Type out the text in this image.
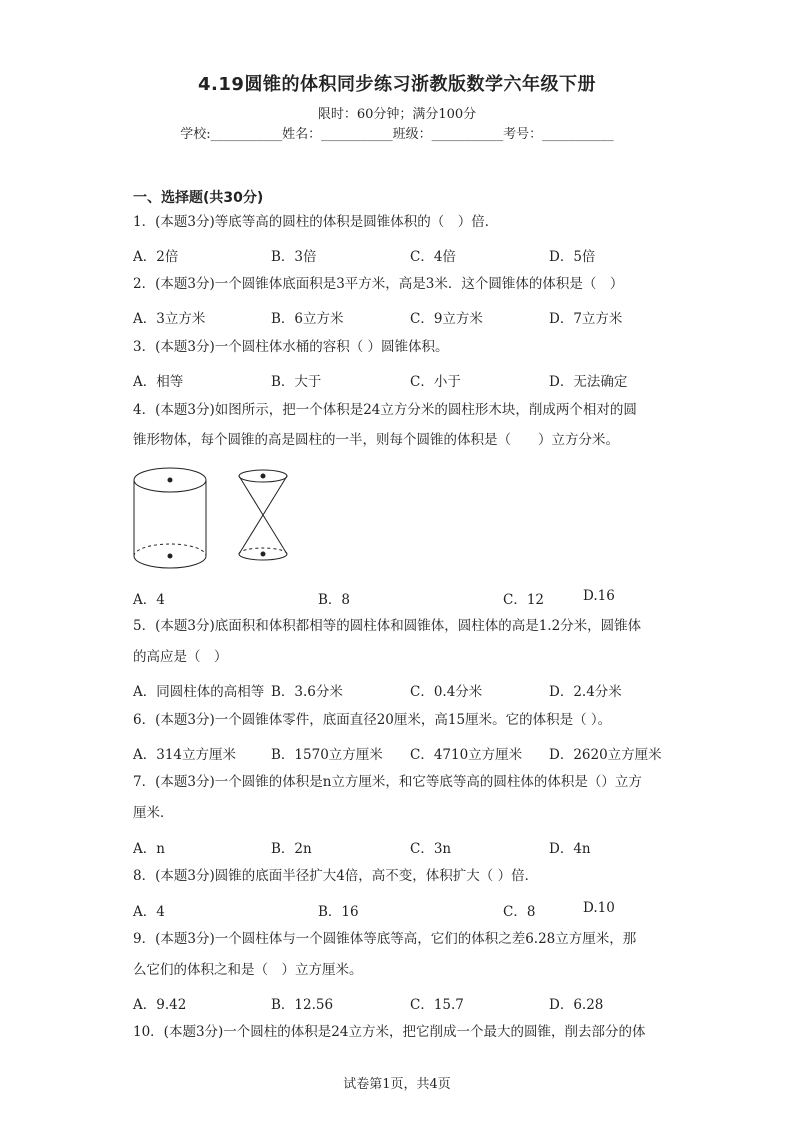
4.19圆锥的体积同步练习浙教版数学六年级下册
限时：60分钟；满分100分
学校:___________姓名：___________班级：___________考号：___________
一、选择题(共30分)
1．(本题3分)等底等高的圆柱的体积是圆锥体积的（　）倍．
A．2倍	B．3倍	C．4倍	D．5倍
2．(本题3分)一个圆锥体底面积是3平方米，高是3米．这个圆锥体的体积是（　）
A．3立方米	B．6立方米	C．9立方米	D．7立方米
3．(本题3分)一个圆柱体水桶的容积（ ）圆锥体积。
A．相等	B．大于	C．小于	D．无法确定
4．(本题3分)如图所示，把一个体积是24立方分米的圆柱形木块，削成两个相对的圆
锥形物体，每个圆锥的高是圆柱的一半，则每个圆锥的体积是（　　）立方分米。
A．4	B．8	C．12	D.16
5．(本题3分)底面积和体积都相等的圆柱体和圆锥体，圆柱体的高是1.2分米，圆锥体
的高应是（　）
A．同圆柱体的高相等 B．3.6分米	C．0.4分米	D．2.4分米
6．(本题3分)一个圆锥体零件，底面直径20厘米，高15厘米。它的体积是（ ）。
A．314立方厘米	B．1570立方厘米 C．4710立方厘米 D．2620立方厘米
7．(本题3分)一个圆锥的体积是n立方厘米，和它等底等高的圆柱体的体积是（）立方
厘米．
A．n	B．2n	C．3n	D．4n
8．(本题3分)圆锥的底面半径扩大4倍，高不变，体积扩大（ ）倍．
A．4	B．16	C．8	D.10
9．(本题3分)一个圆柱体与一个圆锥体等底等高，它们的体积之差6.28立方厘米，那
么它们的体积之和是（　）立方厘米。
A．9.42	B．12.56	C．15.7	D．6.28
10．(本题3分)一个圆柱的体积是24立方米，把它削成一个最大的圆锥，削去部分的体
试卷第1页，共4页
